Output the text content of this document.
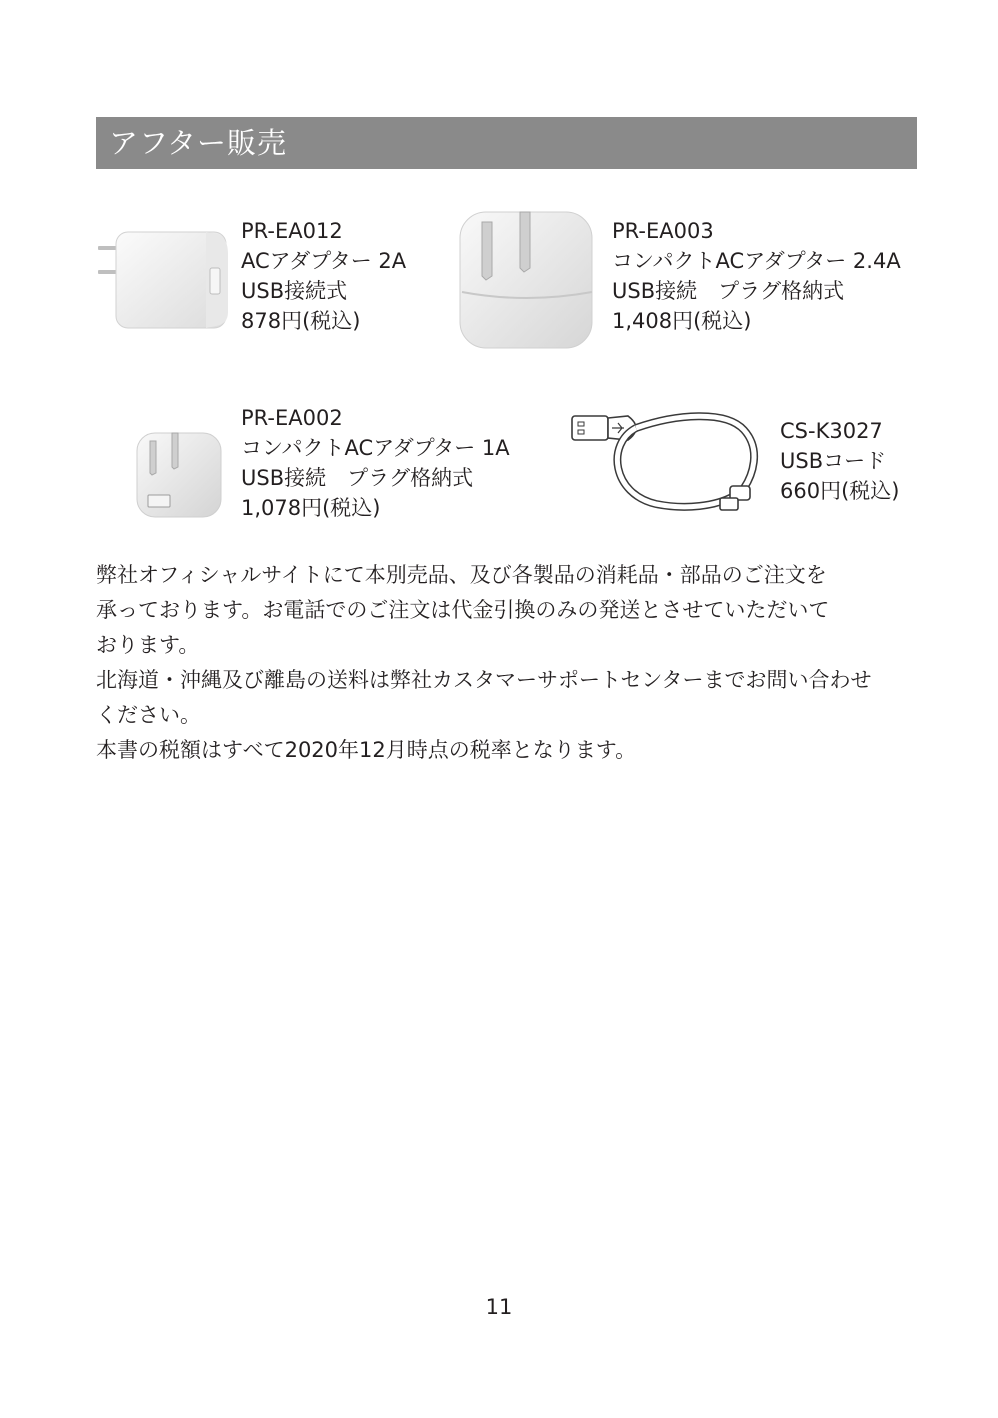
アフター販売
PR-EA012
ACアダプター 2A
USB接続式
878円(税込)
PR-EA003
コンパクトACアダプター 2.4A
USB接続　プラグ格納式
1,408円(税込)
PR-EA002
コンパクトACアダプター 1A
USB接続　プラグ格納式
1,078円(税込)
CS-K3027
USBコード
660円(税込)

弊社オフィシャルサイトにて本別売品、及び各製品の消耗品・部品のご注文を

承っております。お電話でのご注文は代金引換のみの発送とさせていただいて

おります。

北海道・沖縄及び離島の送料は弊社カスタマーサポートセンターまでお問い合わせ

ください。

本書の税額はすべて2020年12月時点の税率となります。

11
